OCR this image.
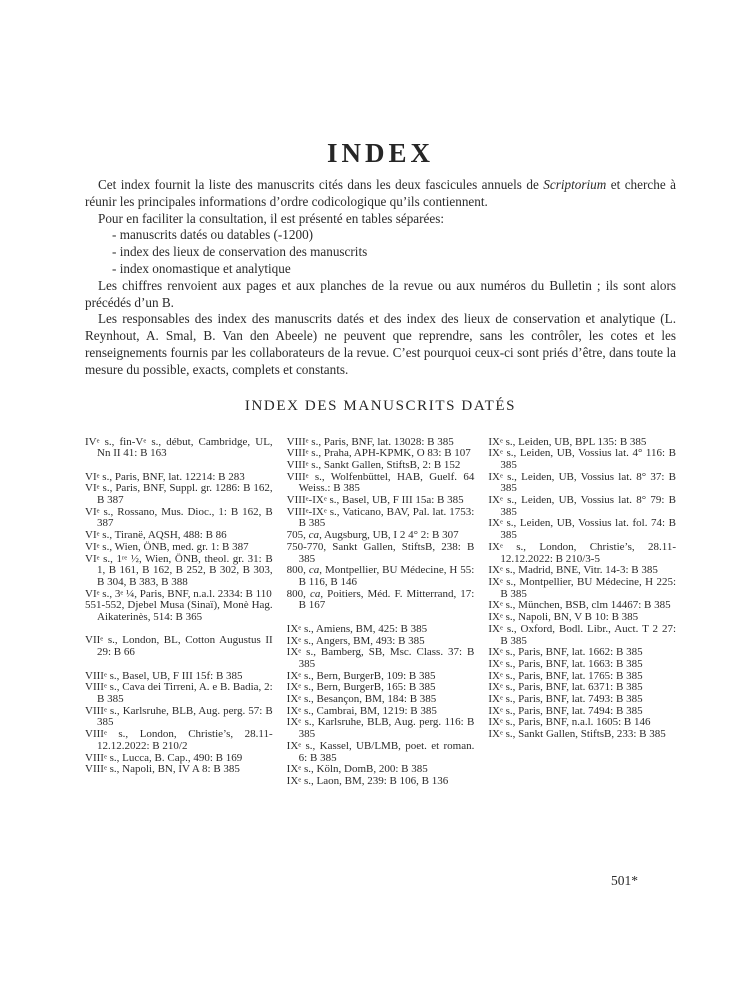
INDEX

Cet index fournit la liste des manuscrits cités dans les deux fascicules annuels de Scriptorium et cherche à réunir les principales informations d’ordre codicologique qu’ils contiennent.

Pour en faciliter la consultation, il est présenté en tables séparées:

- manuscrits datés ou datables (-1200)
- index des lieux de conservation des manuscrits
- index onomastique et analytique

Les chiffres renvoient aux pages et aux planches de la revue ou aux numéros du Bulletin ; ils sont alors précédés d’un B.

Les responsables des index des manuscrits datés et des index des lieux de conservation et analytique (L. Reynhout, A. Smal, B. Van den Abeele) ne peuvent que reprendre, sans les contrôler, les cotes et les renseignements fournis par les collaborateurs de la revue. C’est pourquoi ceux-ci sont priés d’être, dans toute la mesure du possible, exacts, complets et constants.

INDEX DES MANUSCRITS DATÉS
IVe s., fin-Ve s., début, Cambridge, UL, Nn II 41: B 163
VIe s., Paris, BNF, lat. 12214: B 283
VIe s., Paris, BNF, Suppl. gr. 1286: B 162, B 387
VIe s., Rossano, Mus. Dioc., 1: B 162, B 387
VIe s., Tiranë, AQSH, 488: B 86
VIe s., Wien, ÖNB, med. gr. 1: B 387
VIe s., 1re ½, Wien, ÖNB, theol. gr. 31: B 1, B 161, B 162, B 252, B 302, B 303, B 304, B 383, B 388
VIe s., 3e ¼, Paris, BNF, n.a.l. 2334: B 110
551-552, Djebel Musa (Sinaï), Monè Hag. Aikaterinès, 514: B 365
VIIe s., London, BL, Cotton Augustus II 29: B 66
VIIIe s., Basel, UB, F III 15f: B 385
VIIIe s., Cava dei Tirreni, A. e B. Badia, 2: B 385
VIIIe s., Karlsruhe, BLB, Aug. perg. 57: B 385
VIIIe s., London, Christie’s, 28.11-12.12.2022: B 210/2
VIIIe s., Lucca, B. Cap., 490: B 169
VIIIe s., Napoli, BN, IV A 8: B 385
VIIIe s., Paris, BNF, lat. 13028: B 385
VIIIe s., Praha, APH-KPMK, O 83: B 107
VIIIe s., Sankt Gallen, StiftsB, 2: B 152
VIIIe s., Wolfenbüttel, HAB, Guelf. 64 Weiss.: B 385
VIIIe-IXe s., Basel, UB, F III 15a: B 385
VIIIe-IXe s., Vaticano, BAV, Pal. lat. 1753: B 385
705, ca, Augsburg, UB, I 2 4° 2: B 307
750-770, Sankt Gallen, StiftsB, 238: B 385
800, ca, Montpellier, BU Médecine, H 55: B 116, B 146
800, ca, Poitiers, Méd. F. Mitterrand, 17: B 167
IXe s., Amiens, BM, 425: B 385
IXe s., Angers, BM, 493: B 385
IXe s., Bamberg, SB, Msc. Class. 37: B 385
IXe s., Bern, BurgerB, 109: B 385
IXe s., Bern, BurgerB, 165: B 385
IXe s., Besançon, BM, 184: B 385
IXe s., Cambrai, BM, 1219: B 385
IXe s., Karlsruhe, BLB, Aug. perg. 116: B 385
IXe s., Kassel, UB/LMB, poet. et roman. 6: B 385
IXe s., Köln, DomB, 200: B 385
IXe s., Laon, BM, 239: B 106, B 136
IXe s., Leiden, UB, BPL 135: B 385
IXe s., Leiden, UB, Vossius lat. 4° 116: B 385
IXe s., Leiden, UB, Vossius lat. 8° 37: B 385
IXe s., Leiden, UB, Vossius lat. 8° 79: B 385
IXe s., Leiden, UB, Vossius lat. fol. 74: B 385
IXe s., London, Christie’s, 28.11-12.12.2022: B 210/3-5
IXe s., Madrid, BNE, Vitr. 14-3: B 385
IXe s., Montpellier, BU Médecine, H 225: B 385
IXe s., München, BSB, clm 14467: B 385
IXe s., Napoli, BN, V B 10: B 385
IXe s., Oxford, Bodl. Libr., Auct. T 2 27: B 385
IXe s., Paris, BNF, lat. 1662: B 385
IXe s., Paris, BNF, lat. 1663: B 385
IXe s., Paris, BNF, lat. 1765: B 385
IXe s., Paris, BNF, lat. 6371: B 385
IXe s., Paris, BNF, lat. 7493: B 385
IXe s., Paris, BNF, lat. 7494: B 385
IXe s., Paris, BNF, n.a.l. 1605: B 146
IXe s., Sankt Gallen, StiftsB, 233: B 385
501*
